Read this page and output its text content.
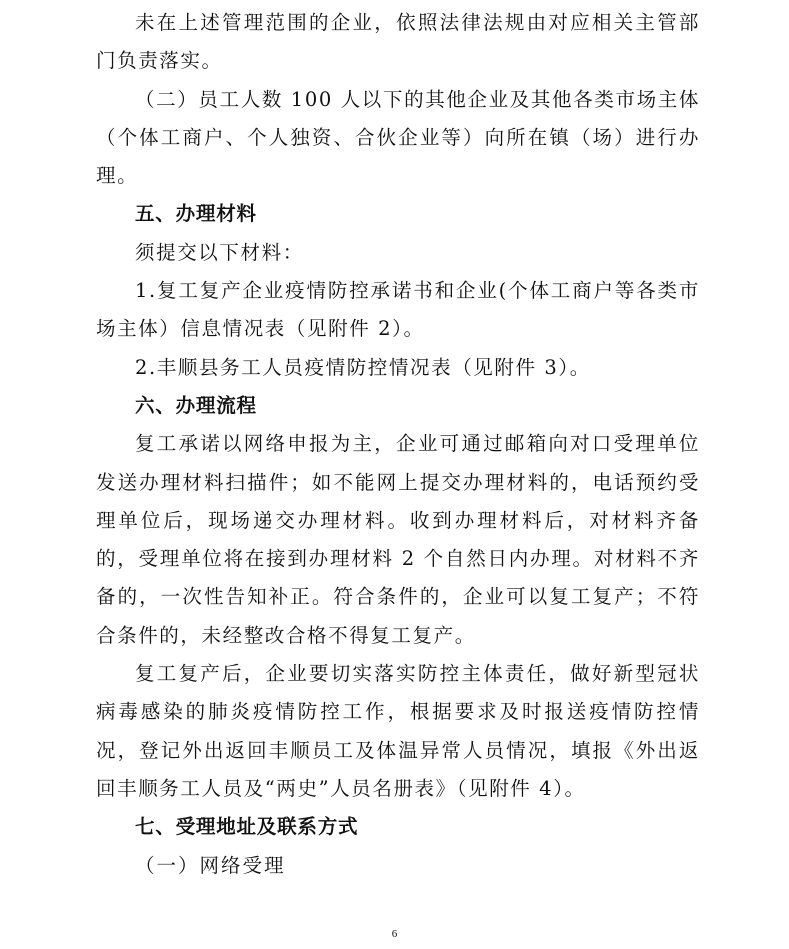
未在上述管理范围的企业，依照法律法规由对应相关主管部门负责落实。

（二）员工人数 100 人以下的其他企业及其他各类市场主体（个体工商户、个人独资、合伙企业等）向所在镇（场）进行办理。

五、办理材料

须提交以下材料：

1.复工复产企业疫情防控承诺书和企业(个体工商户等各类市场主体）信息情况表（见附件 2）。

2.丰顺县务工人员疫情防控情况表（见附件 3）。

六、办理流程

复工承诺以网络申报为主，企业可通过邮箱向对口受理单位发送办理材料扫描件；如不能网上提交办理材料的，电话预约受理单位后，现场递交办理材料。收到办理材料后，对材料齐备的，受理单位将在接到办理材料 2 个自然日内办理。对材料不齐备的，一次性告知补正。符合条件的，企业可以复工复产；不符合条件的，未经整改合格不得复工复产。

复工复产后，企业要切实落实防控主体责任，做好新型冠状病毒感染的肺炎疫情防控工作，根据要求及时报送疫情防控情况，登记外出返回丰顺员工及体温异常人员情况，填报《外出返回丰顺务工人员及“两史”人员名册表》（见附件 4）。

七、受理地址及联系方式

（一）网络受理

6
